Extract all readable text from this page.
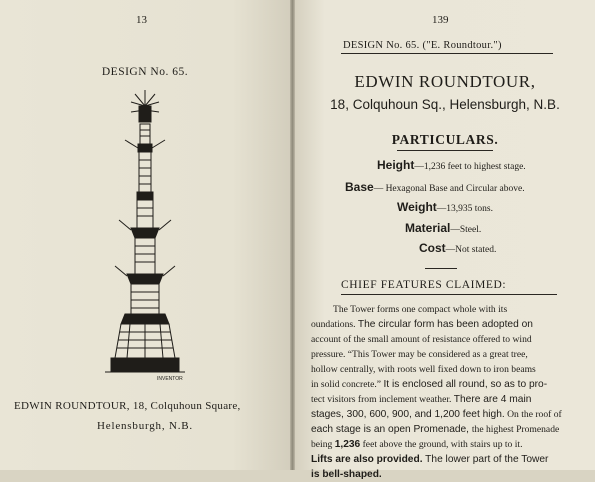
13
DESIGN No. 65.
INVENTOR
EDWIN ROUNDTOUR, 18, Colquhoun Square,
Helensburgh, N.B.
139
DESIGN No. 65. ("E. Roundtour.")
EDWIN ROUNDTOUR,
18, Colquhoun Sq., Helensburgh, N.B.
PARTICULARS.
Height—1,236 feet to highest stage.
Base— Hexagonal Base and Circular above.
Weight—13,935 tons.
Material—Steel.
Cost—Not stated.
CHIEF FEATURES CLAIMED:
The Tower forms one compact whole with its
oundations. The circular form has been adopted on
account of the small amount of resistance offered to wind
pressure. “This Tower may be considered as a great tree,
hollow centrally, with roots well fixed down to iron beams
in solid concrete.” It is enclosed all round, so as to pro-
tect visitors from inclement weather. There are 4 main
stages, 300, 600, 900, and 1,200 feet high. On the roof of
each stage is an open Promenade, the highest Promenade
being 1,236 feet above the ground, with stairs up to it.
Lifts are also provided. The lower part of the Tower
is bell-shaped.
